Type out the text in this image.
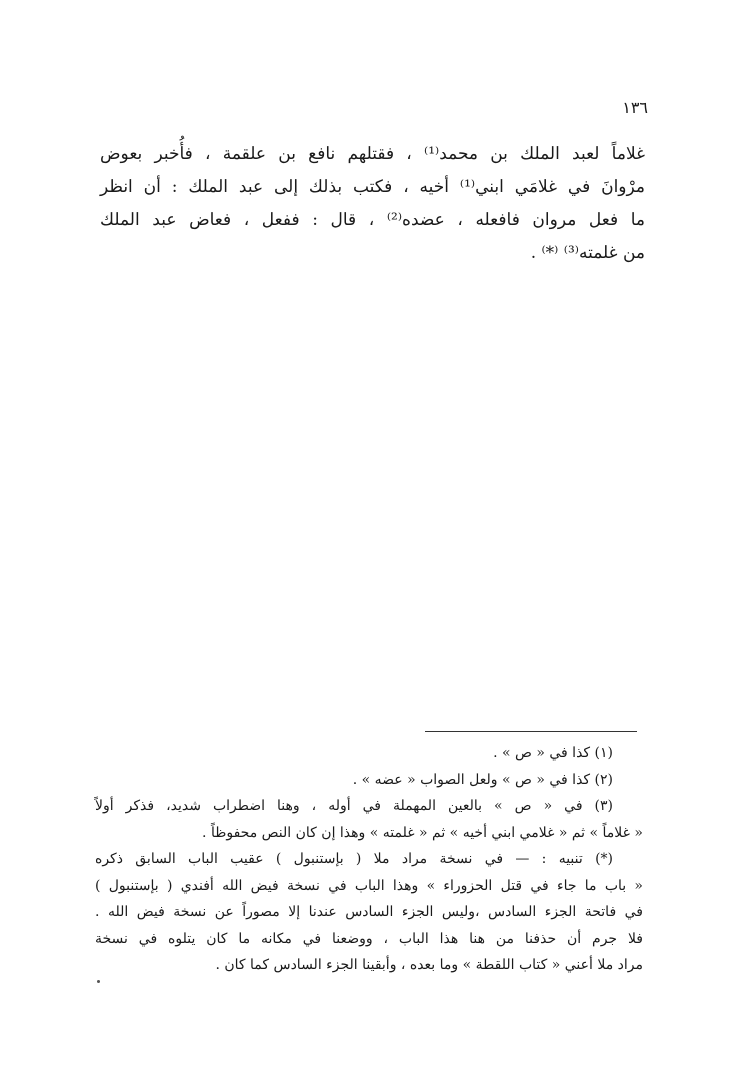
١٣٦
غلاماً لعبد الملك بن محمد⁽¹⁾ ، فقتلهم نافع بن علقمة ، فأُخبر بعوض
مرْوانَ في غلامَي ابني⁽¹⁾ أخيه ، فكتب بذلك إلى عبد الملك : أن انظر
ما فعل مروان فافعله ، عضده⁽²⁾ ، قال : ففعل ، فعاض عبد الملك
من غلمته⁽³⁾ ⁽*⁾ .
(١) كذا في « ص » .
(٢) كذا في « ص » ولعل الصواب « عضه » .
(٣) في « ص » بالعين المهملة في أوله ، وهنا اضطراب شديد، فذكر أولاً
« غلاماً » ثم « غلامي ابني أخيه » ثم « غلمته » وهذا إن كان النص محفوظاً .
(*) تنبيه : — في نسخة مراد ملا ( بإستنبول ) عقيب الباب السابق ذكره
« باب ما جاء في قتل الحزوراء » وهذا الباب في نسخة فيض الله أفندي ( بإستنبول )
في فاتحة الجزء السادس ،وليس الجزء السادس عندنا إلا مصوراً عن نسخة فيض الله .
فلا جرم أن حذفنا من هنا هذا الباب ، ووضعنا في مكانه ما كان يتلوه في نسخة
مراد ملا أعني « كتاب اللقطة » وما بعده ، وأبقينا الجزء السادس كما كان .
